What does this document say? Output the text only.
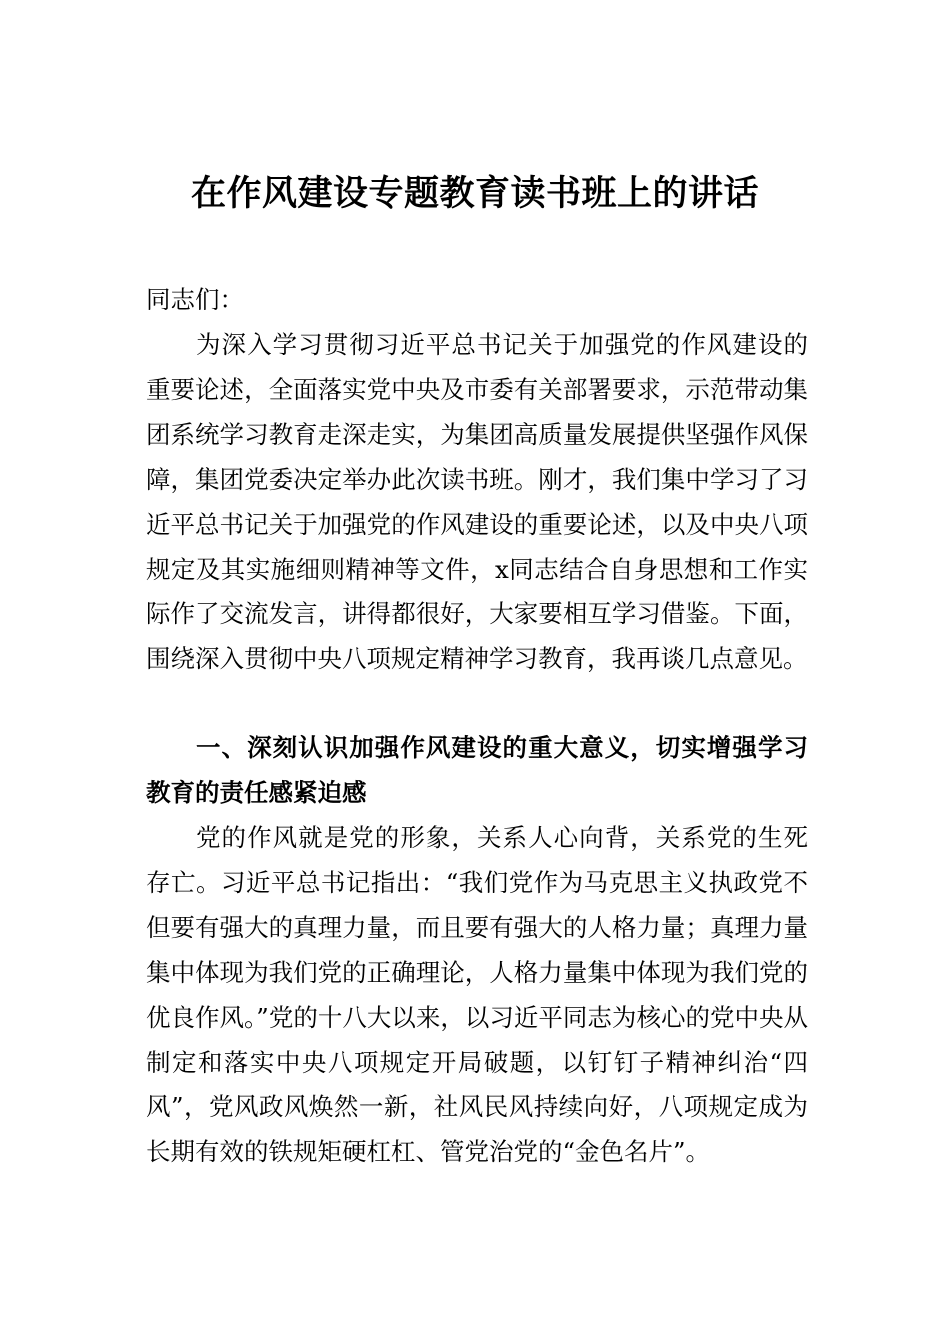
在作风建设专题教育读书班上的讲话

同志们：

为深入学习贯彻习近平总书记关于加强党的作风建设的重要论述，全面落实党中央及市委有关部署要求，示范带动集团系统学习教育走深走实，为集团高质量发展提供坚强作风保障，集团党委决定举办此次读书班。刚才，我们集中学习了习近平总书记关于加强党的作风建设的重要论述，以及中央八项规定及其实施细则精神等文件，x同志结合自身思想和工作实际作了交流发言，讲得都很好，大家要相互学习借鉴。下面，围绕深入贯彻中央八项规定精神学习教育，我再谈几点意见。

一、深刻认识加强作风建设的重大意义，切实增强学习教育的责任感紧迫感

党的作风就是党的形象，关系人心向背，关系党的生死存亡。习近平总书记指出：“我们党作为马克思主义执政党不但要有强大的真理力量，而且要有强大的人格力量；真理力量集中体现为我们党的正确理论，人格力量集中体现为我们党的优良作风。”党的十八大以来，以习近平同志为核心的党中央从制定和落实中央八项规定开局破题，以钉钉子精神纠治“四风”，党风政风焕然一新，社风民风持续向好，八项规定成为长期有效的铁规矩硬杠杠、管党治党的“金色名片”。
